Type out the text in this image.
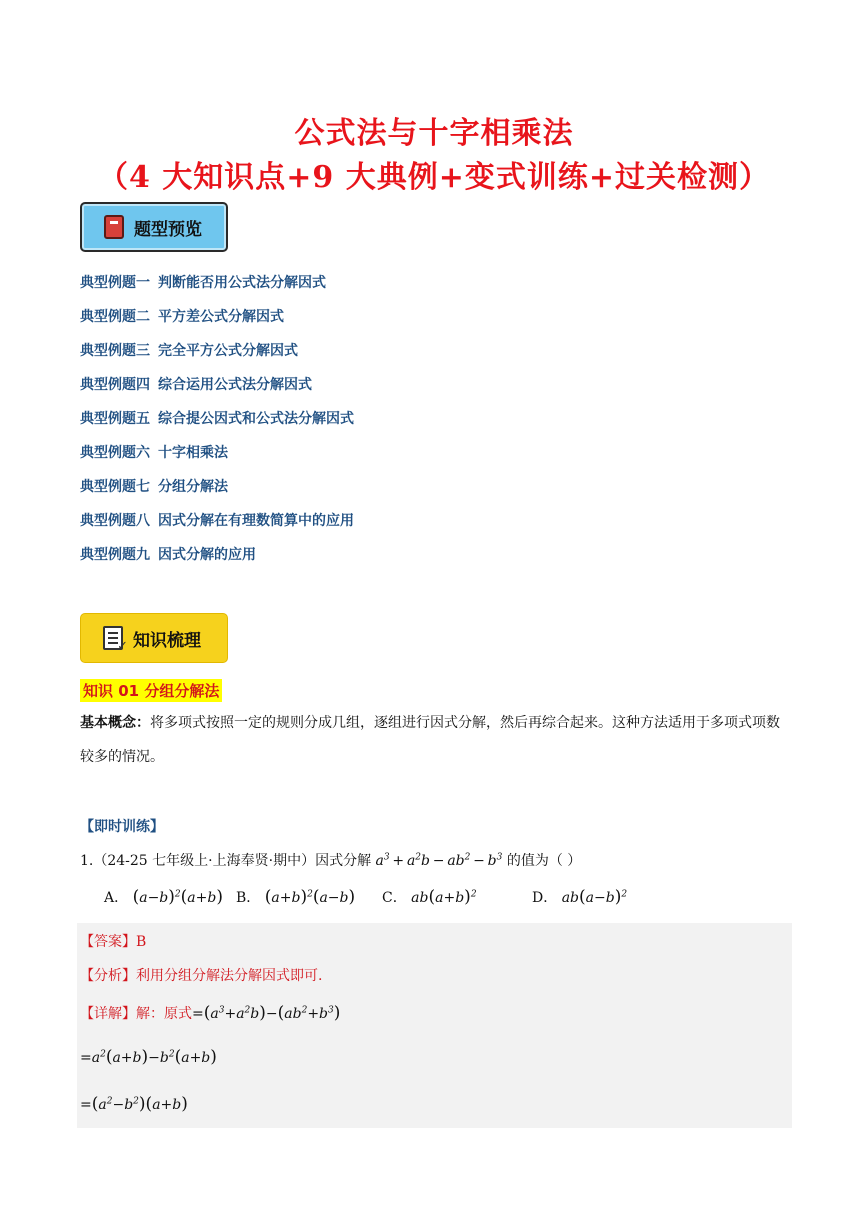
公式法与十字相乘法
（4 大知识点+9 大典例+变式训练+过关检测）
题型预览
典型例题一 判断能否用公式法分解因式
典型例题二 平方差公式分解因式
典型例题三 完全平方公式分解因式
典型例题四 综合运用公式法分解因式
典型例题五 综合提公因式和公式法分解因式
典型例题六 十字相乘法
典型例题七 分组分解法
典型例题八 因式分解在有理数简算中的应用
典型例题九 因式分解的应用
✓
知识梳理
知识 01 分组分解法
基本概念：将多项式按照一定的规则分成几组，逐组进行因式分解，然后再综合起来。这种方法适用于多项式项数较多的情况。
【即时训练】
1.（24-25 七年级上·上海奉贤·期中）因式分解 $a^3 + a^2b - ab^2 - b^3$ 的值为（ ）
A． $(a-b)^2(a+b)$ B． $(a+b)^2(a-b)$ C． $ab(a+b)^2$	D． $ab(a-b)^2$
【答案】B
【分析】利用分组分解法分解因式即可.
【详解】解：原式$=(a^3+a^2b)-(ab^2+b^3)$
$=a^2(a+b)-b^2(a+b)$
$=(a^2-b^2)(a+b)$
